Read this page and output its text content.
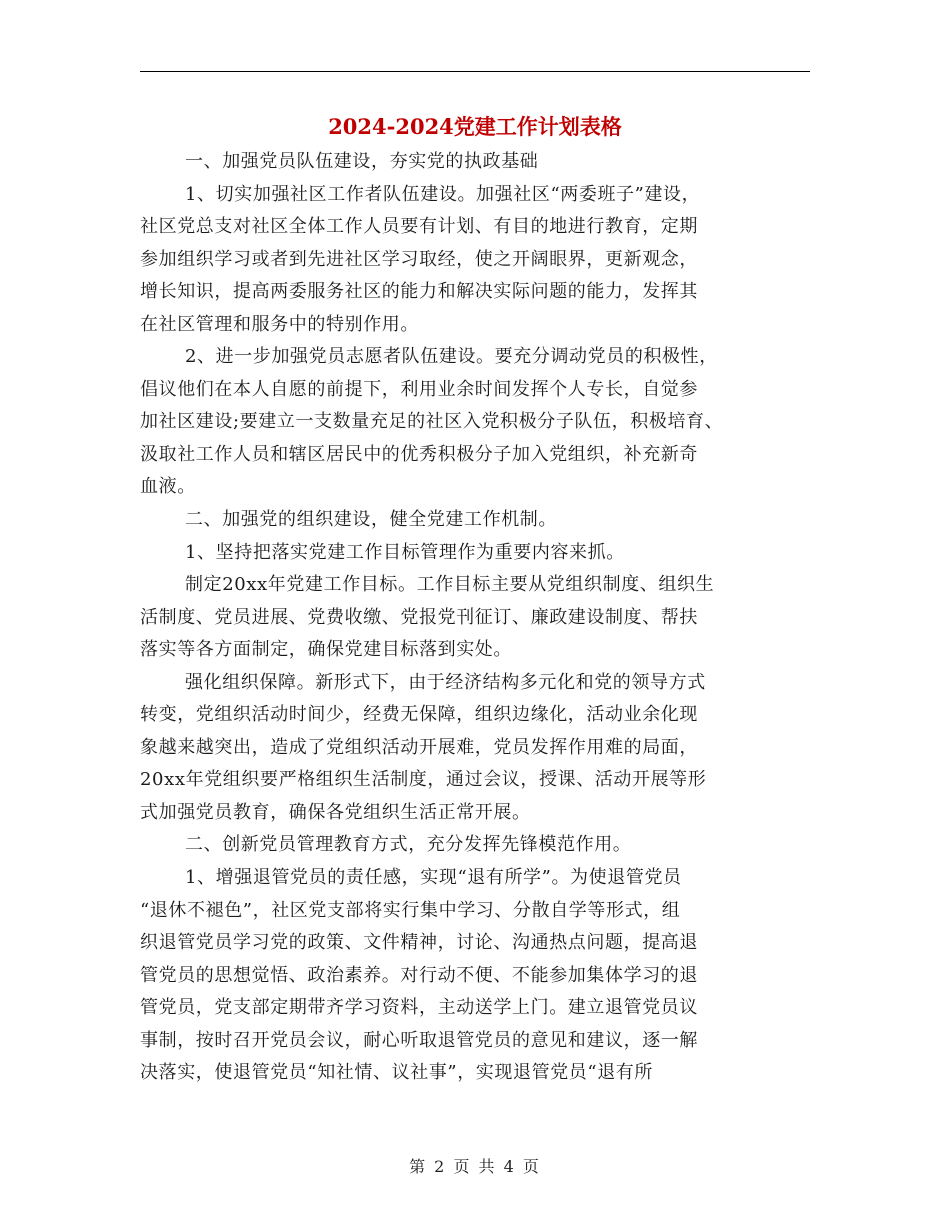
2024-2024党建工作计划表格
一、加强党员队伍建设，夯实党的执政基础
1、切实加强社区工作者队伍建设。加强社区“两委班子”建设，
社区党总支对社区全体工作人员要有计划、有目的地进行教育，定期
参加组织学习或者到先进社区学习取经，使之开阔眼界，更新观念，
增长知识，提高两委服务社区的能力和解决实际问题的能力，发挥其
在社区管理和服务中的特别作用。
2、进一步加强党员志愿者队伍建设。要充分调动党员的积极性，
倡议他们在本人自愿的前提下，利用业余时间发挥个人专长，自觉参
加社区建设;要建立一支数量充足的社区入党积极分子队伍，积极培育、
汲取社工作人员和辖区居民中的优秀积极分子加入党组织，补充新奇
血液。
二、加强党的组织建设，健全党建工作机制。
1、坚持把落实党建工作目标管理作为重要内容来抓。
制定20xx年党建工作目标。工作目标主要从党组织制度、组织生
活制度、党员进展、党费收缴、党报党刊征订、廉政建设制度、帮扶
落实等各方面制定，确保党建目标落到实处。
强化组织保障。新形式下，由于经济结构多元化和党的领导方式
转变，党组织活动时间少，经费无保障，组织边缘化，活动业余化现
象越来越突出，造成了党组织活动开展难，党员发挥作用难的局面，
20xx年党组织要严格组织生活制度，通过会议，授课、活动开展等形
式加强党员教育，确保各党组织生活正常开展。
二、创新党员管理教育方式，充分发挥先锋模范作用。
1、增强退管党员的责任感，实现“退有所学”。为使退管党员
“退休不褪色”，社区党支部将实行集中学习、分散自学等形式，组
织退管党员学习党的政策、文件精神，讨论、沟通热点问题，提高退
管党员的思想觉悟、政治素养。对行动不便、不能参加集体学习的退
管党员，党支部定期带齐学习资料，主动送学上门。建立退管党员议
事制，按时召开党员会议，耐心听取退管党员的意见和建议，逐一解
决落实，使退管党员“知社情、议社事”，实现退管党员“退有所
第 2 页 共 4 页
